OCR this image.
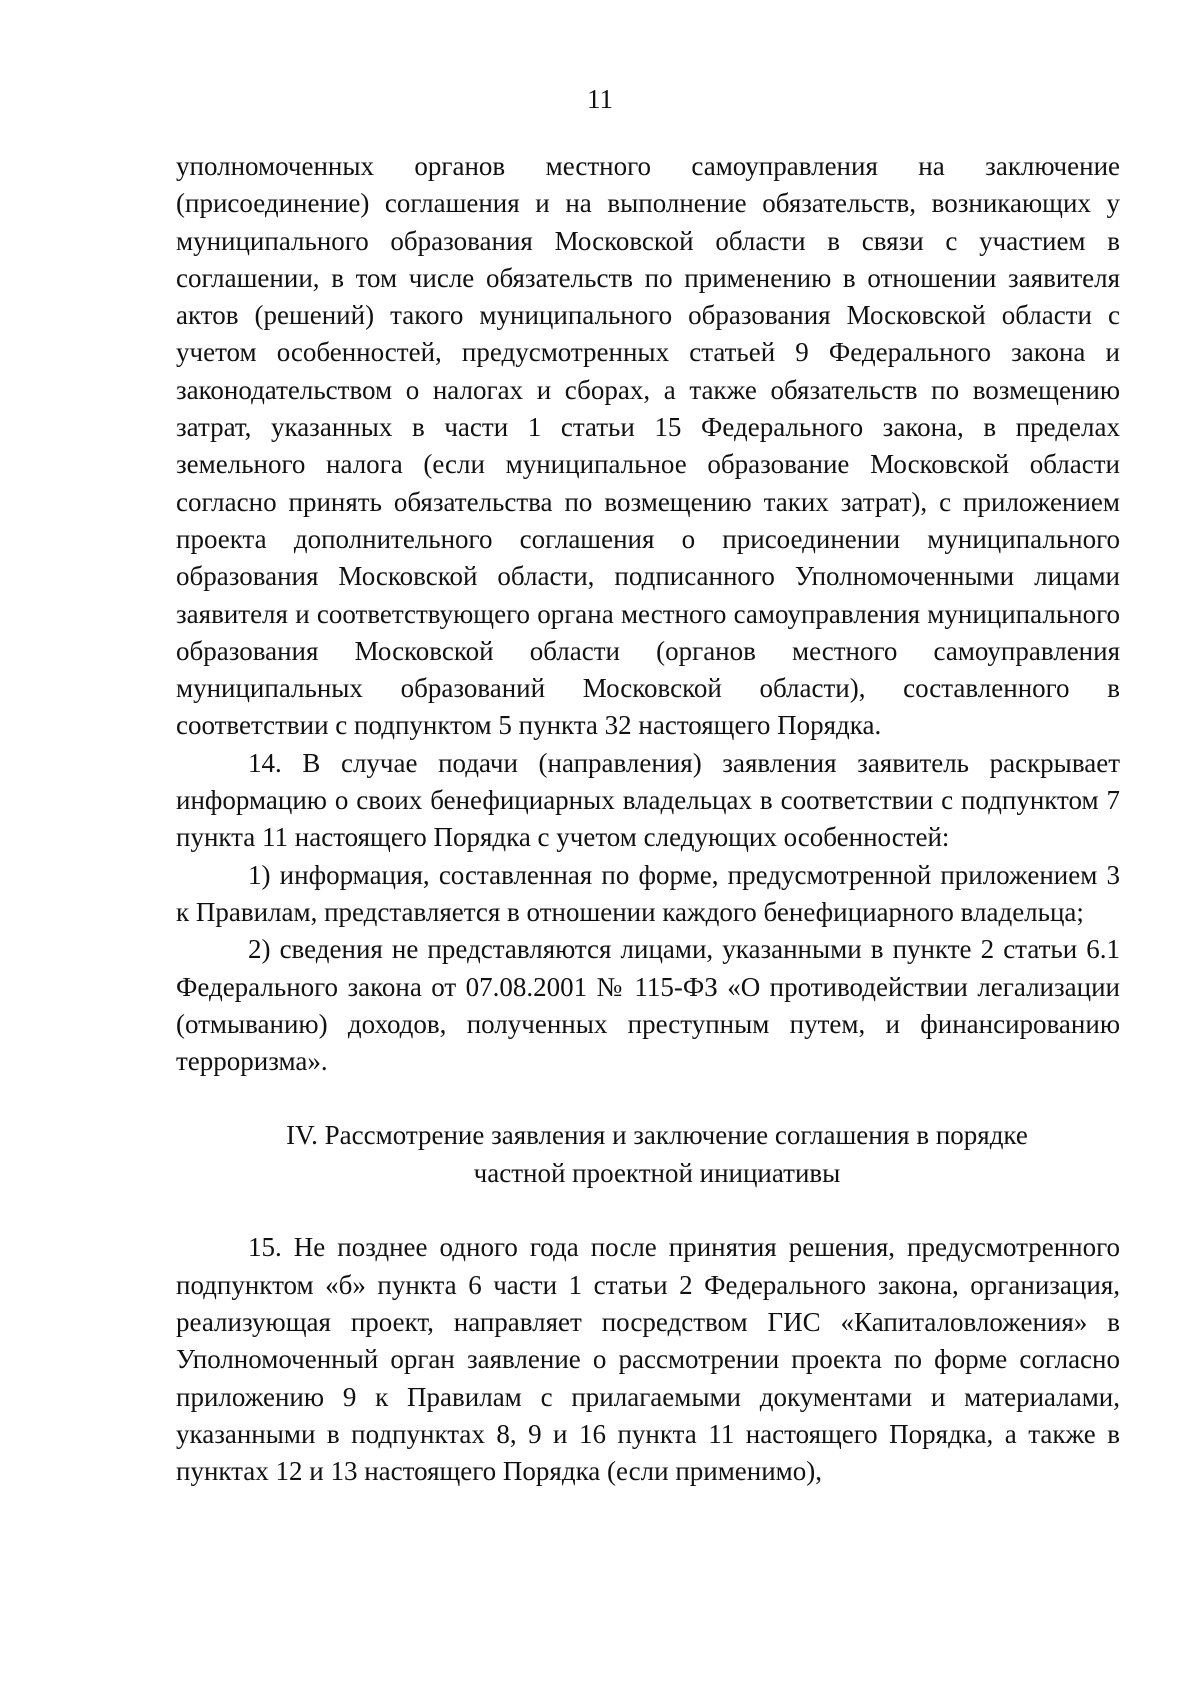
11

уполномоченных органов местного самоуправления на заключение (присоединение) соглашения и на выполнение обязательств, возникающих у муниципального образования Московской области в связи с участием в соглашении, в том числе обязательств по применению в отношении заявителя актов (решений) такого муниципального образования Московской области с учетом особенностей, предусмотренных статьей 9 Федерального закона и законодательством о налогах и сборах, а также обязательств по возмещению затрат, указанных в части 1 статьи 15 Федерального закона, в пределах земельного налога (если муниципальное образование Московской области согласно принять обязательства по возмещению таких затрат), с приложением проекта дополнительного соглашения о присоединении муниципального образования Московской области, подписанного Уполномоченными лицами заявителя и соответствующего органа местного самоуправления муниципального образования Московской области (органов местного самоуправления муниципальных образований Московской области), составленного в соответствии с подпунктом 5 пункта 32 настоящего Порядка.

14. В случае подачи (направления) заявления заявитель раскрывает информацию о своих бенефициарных владельцах в соответствии с подпунктом 7 пункта 11 настоящего Порядка с учетом следующих особенностей:

1) информация, составленная по форме, предусмотренной приложением 3 к Правилам, представляется в отношении каждого бенефициарного владельца;

2) сведения не представляются лицами, указанными в пункте 2 статьи 6.1 Федерального закона от 07.08.2001 № 115-ФЗ «О противодействии легализации (отмыванию) доходов, полученных преступным путем, и финансированию терроризма».

IV. Рассмотрение заявления и заключение соглашения в порядке

частной проектной инициативы

15. Не позднее одного года после принятия решения, предусмотренного подпунктом «б» пункта 6 части 1 статьи 2 Федерального закона, организация, реализующая проект, направляет посредством ГИС «Капиталовложения» в Уполномоченный орган заявление о рассмотрении проекта по форме согласно приложению 9 к Правилам с прилагаемыми документами и материалами, указанными в подпунктах 8, 9 и 16 пункта 11 настоящего Порядка, а также в пунктах 12 и 13 настоящего Порядка (если применимо),
